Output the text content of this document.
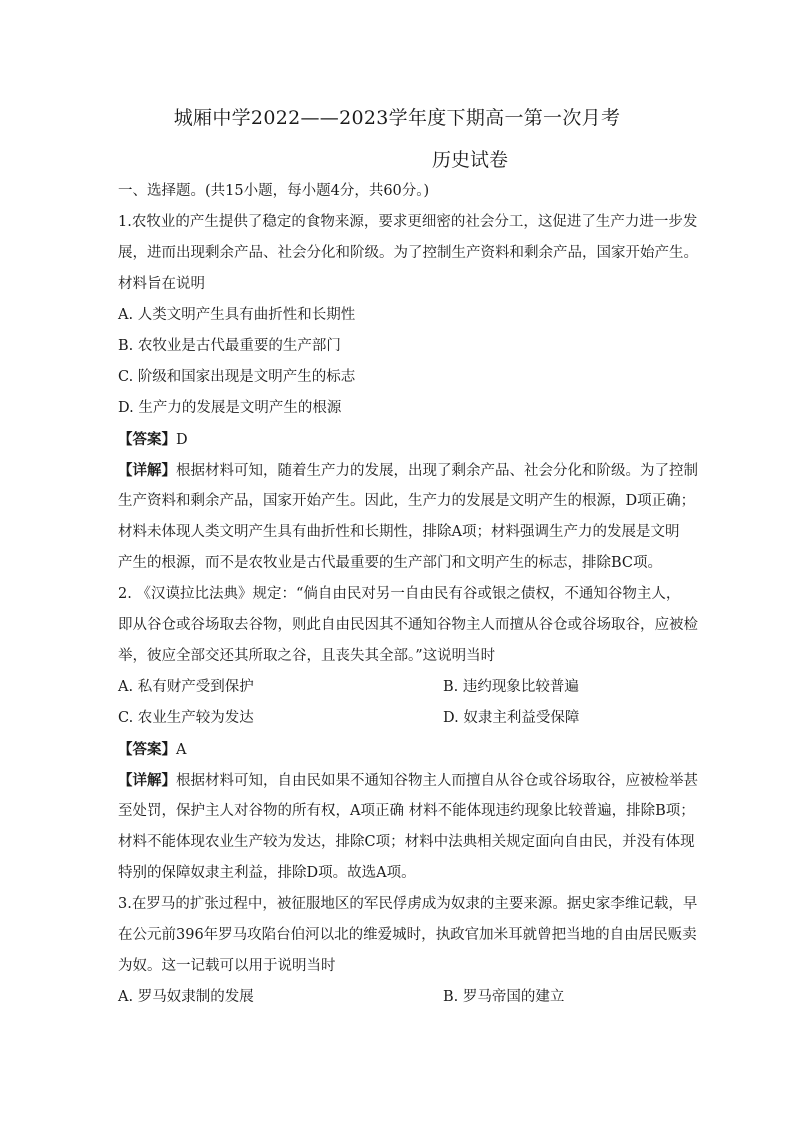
城厢中学2022——2023学年度下期高一第一次月考
历史试卷
一、选择题。(共15小题，每小题4分，共60分。)
1.农牧业的产生提供了稳定的食物来源，要求更细密的社会分工，这促进了生产力进一步发
展，进而出现剩余产品、社会分化和阶级。为了控制生产资料和剩余产品，国家开始产生。
材料旨在说明
A. 人类文明产生具有曲折性和长期性
B. 农牧业是古代最重要的生产部门
C. 阶级和国家出现是文明产生的标志
D. 生产力的发展是文明产生的根源
【答案】D
【详解】根据材料可知，随着生产力的发展，出现了剩余产品、社会分化和阶级。为了控制
生产资料和剩余产品，国家开始产生。因此，生产力的发展是文明产生的根源，D项正确；
材料未体现人类文明产生具有曲折性和长期性，排除A项；材料强调生产力的发展是文明
产生的根源，而不是农牧业是古代最重要的生产部门和文明产生的标志，排除BC项。
2. 《汉谟拉比法典》规定：“倘自由民对另一自由民有谷或银之债权，不通知谷物主人，
即从谷仓或谷场取去谷物，则此自由民因其不通知谷物主人而擅从谷仓或谷场取谷，应被检
举，彼应全部交还其所取之谷，且丧失其全部。”这说明当时
A. 私有财产受到保护	B. 违约现象比较普遍
C. 农业生产较为发达	D. 奴隶主利益受保障
【答案】A
【详解】根据材料可知，自由民如果不通知谷物主人而擅自从谷仓或谷场取谷，应被检举甚
至处罚，保护主人对谷物的所有权，A项正确 材料不能体现违约现象比较普遍，排除B项；
材料不能体现农业生产较为发达，排除C项；材料中法典相关规定面向自由民，并没有体现
特别的保障奴隶主利益，排除D项。故选A项。
3.在罗马的扩张过程中，被征服地区的军民俘虏成为奴隶的主要来源。据史家李维记载，早
在公元前396年罗马攻陷台伯河以北的维爱城时，执政官加米耳就曾把当地的自由居民贩卖
为奴。这一记载可以用于说明当时
A. 罗马奴隶制的发展	B. 罗马帝国的建立
